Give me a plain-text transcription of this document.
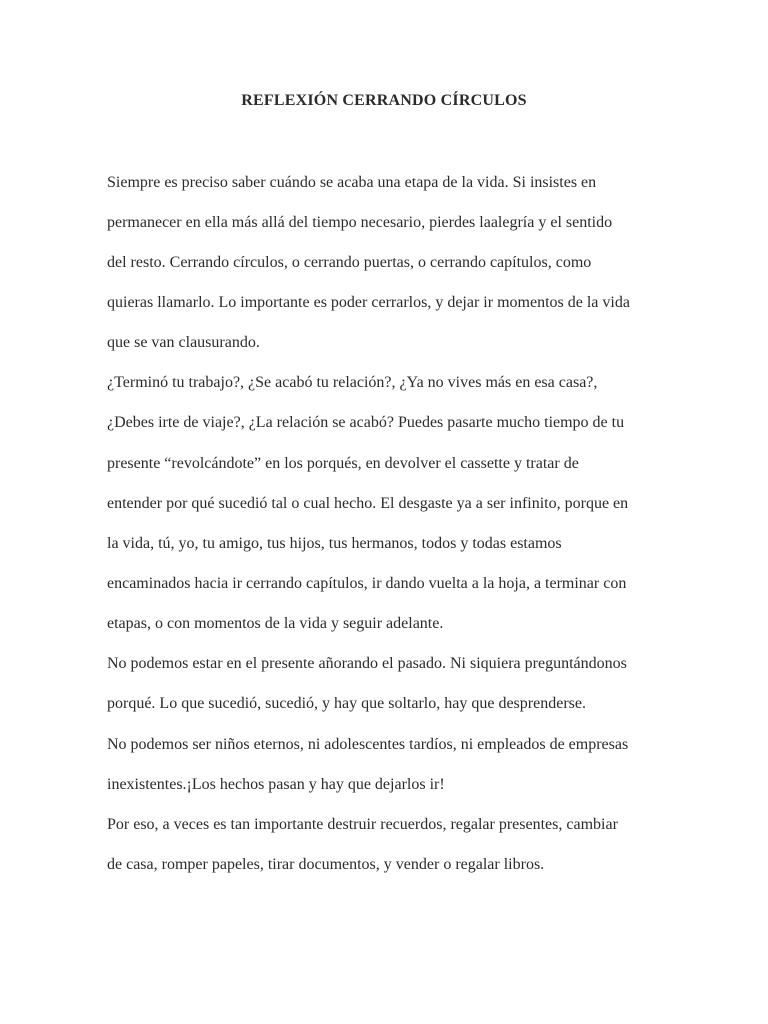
REFLEXIÓN CERRANDO CÍRCULOS

Siempre es preciso saber cuándo se acaba una etapa de la vida. Si insistes en

permanecer en ella más allá del tiempo necesario, pierdes laalegría y el sentido

del resto. Cerrando círculos, o cerrando puertas, o cerrando capítulos, como

quieras llamarlo. Lo importante es poder cerrarlos, y dejar ir momentos de la vida

que se van clausurando.

¿Terminó tu trabajo?, ¿Se acabó tu relación?, ¿Ya no vives más en esa casa?,

¿Debes irte de viaje?, ¿La relación se acabó? Puedes pasarte mucho tiempo de tu

presente “revolcándote” en los porqués, en devolver el cassette y tratar de

entender por qué sucedió tal o cual hecho. El desgaste ya a ser infinito, porque en

la vida, tú, yo, tu amigo, tus hijos, tus hermanos, todos y todas estamos

encaminados hacia ir cerrando capítulos, ir dando vuelta a la hoja, a terminar con

etapas, o con momentos de la vida y seguir adelante.

No podemos estar en el presente añorando el pasado. Ni siquiera preguntándonos

porqué. Lo que sucedió, sucedió, y hay que soltarlo, hay que desprenderse.

No podemos ser niños eternos, ni adolescentes tardíos, ni empleados de empresas

inexistentes.¡Los hechos pasan y hay que dejarlos ir!

Por eso, a veces es tan importante destruir recuerdos, regalar presentes, cambiar

de casa, romper papeles, tirar documentos, y vender o regalar libros.
